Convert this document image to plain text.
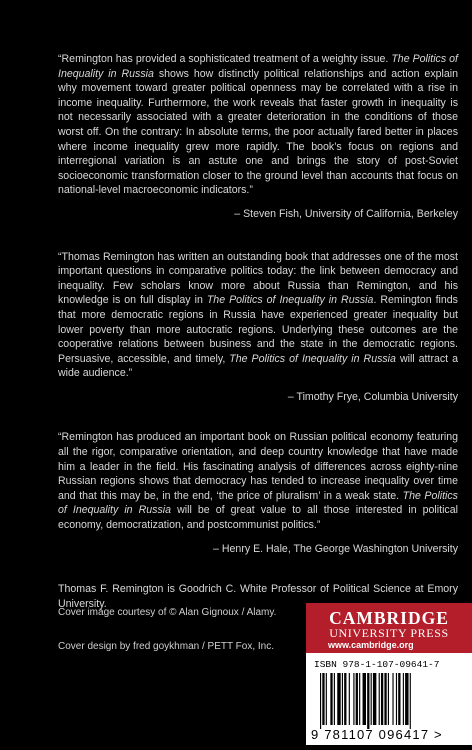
“Remington has provided a sophisticated treatment of a weighty issue. The Politics of Inequality in Russia shows how distinctly political relationships and action explain why movement toward greater political openness may be correlated with a rise in income inequality. Furthermore, the work reveals that faster growth in inequality is not necessarily associated with a greater deterioration in the conditions of those worst off. On the contrary: In absolute terms, the poor actually fared better in places where income inequality grew more rapidly. The book’s focus on regions and interregional variation is an astute one and brings the story of post-Soviet socioeconomic transformation closer to the ground level than accounts that focus on national-level macroeconomic indicators.”

– Steven Fish, University of California, Berkeley

“Thomas Remington has written an outstanding book that addresses one of the most important questions in comparative politics today: the link between democracy and inequality. Few scholars know more about Russia than Remington, and his knowledge is on full display in The Politics of Inequality in Russia. Remington finds that more democratic regions in Russia have experienced greater inequality but lower poverty than more autocratic regions. Underlying these outcomes are the cooperative relations between business and the state in the democratic regions. Persuasive, accessible, and timely, The Politics of Inequality in Russia will attract a wide audience.”

– Timothy Frye, Columbia University

“Remington has produced an important book on Russian political economy featuring all the rigor, comparative orientation, and deep country knowledge that have made him a leader in the field. His fascinating analysis of differences across eighty-nine Russian regions shows that democracy has tended to increase inequality over time and that this may be, in the end, ‘the price of pluralism’ in a weak state. The Politics of Inequality in Russia will be of great value to all those interested in political economy, democratization, and postcommunist politics.”

– Henry E. Hale, The George Washington University

Thomas F. Remington is Goodrich C. White Professor of Political Science at Emory University.

Cover image courtesy of © Alan Gignoux / Alamy.
Cover design by fred goykhman / PETT Fox, Inc.
CAMBRIDGE
UNIVERSITY PRESS
www.cambridge.org
ISBN 978-1-107-09641-7
9 781107 096417 >
